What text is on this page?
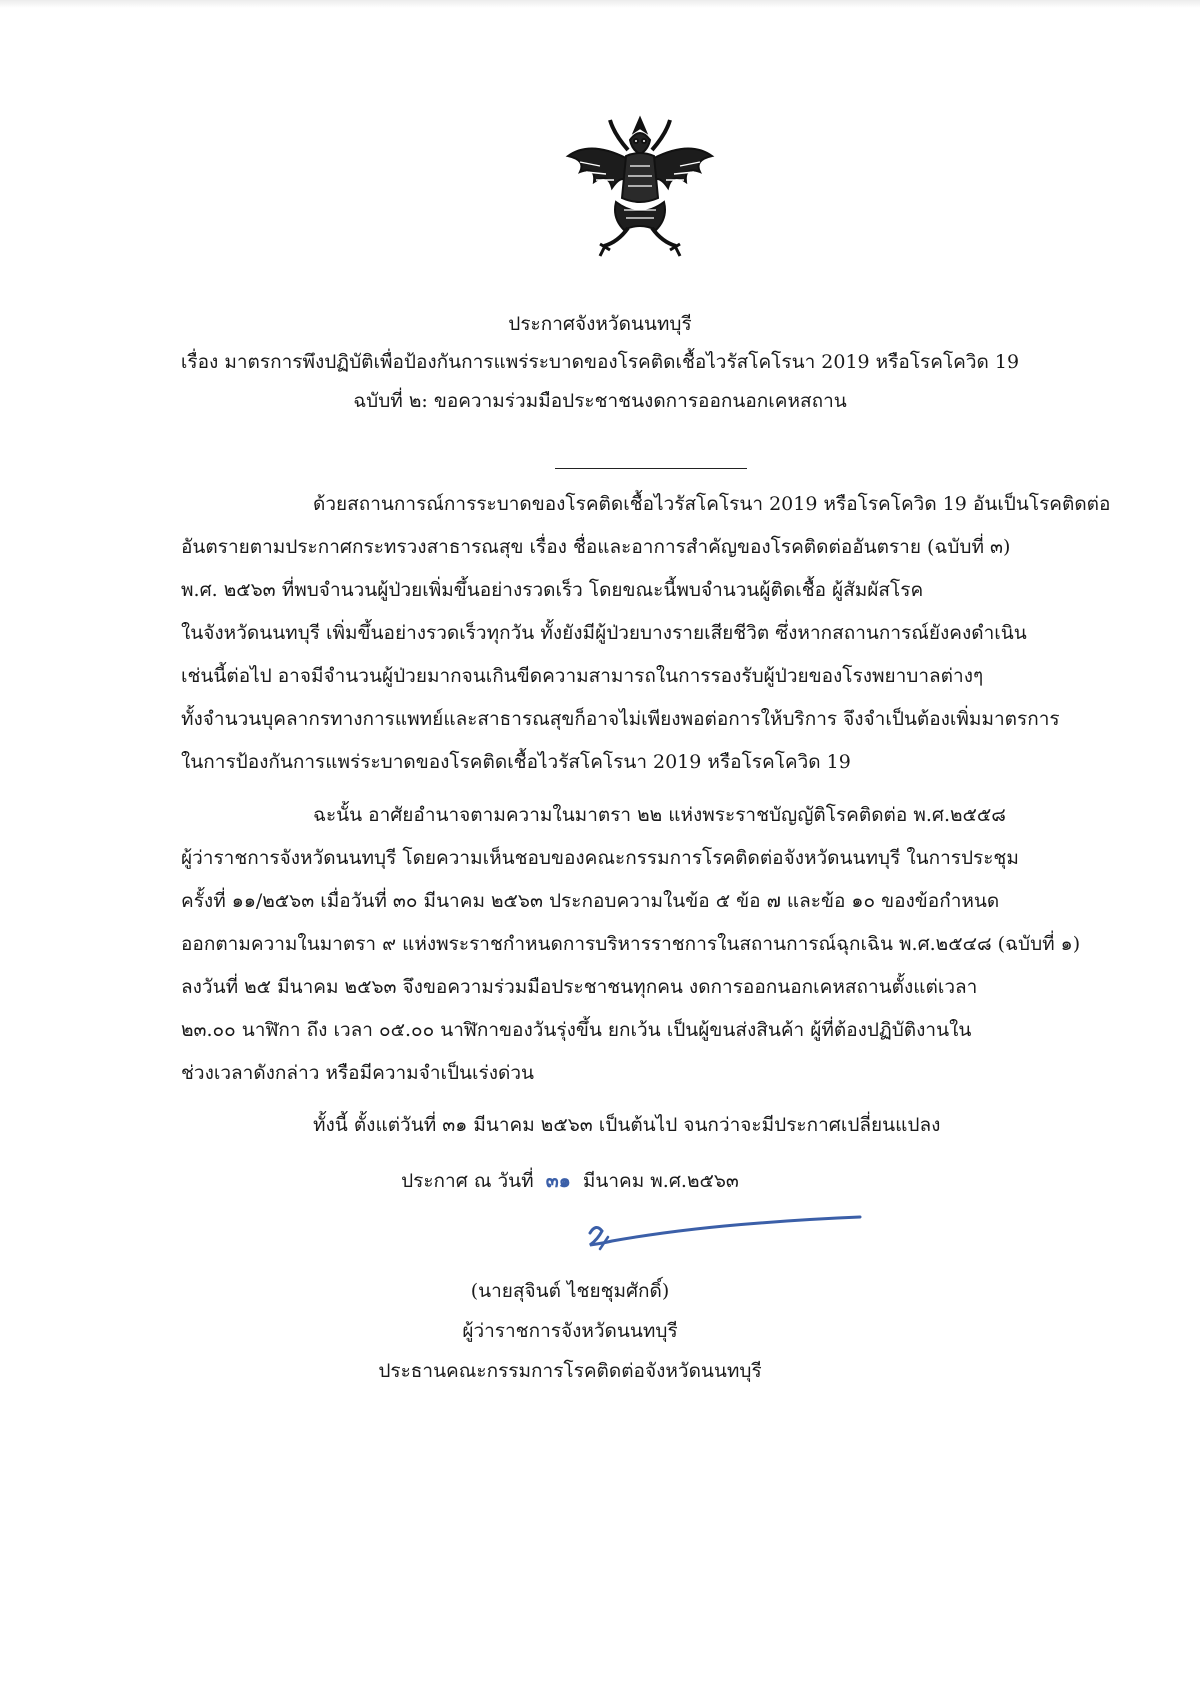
ประกาศจังหวัดนนทบุรี
เรื่อง มาตรการพึงปฏิบัติเพื่อป้องกันการแพร่ระบาดของโรคติดเชื้อไวรัสโคโรนา 2019 หรือโรคโควิด 19
ฉบับที่ ๒: ขอความร่วมมือประชาชนงดการออกนอกเคหสถาน
ด้วยสถานการณ์การระบาดของโรคติดเชื้อไวรัสโคโรนา 2019 หรือโรคโควิด 19 อันเป็นโรคติดต่อ
อันตรายตามประกาศกระทรวงสาธารณสุข เรื่อง ชื่อและอาการสำคัญของโรคติดต่ออันตราย (ฉบับที่ ๓)
พ.ศ. ๒๕๖๓ ที่พบจำนวนผู้ป่วยเพิ่มขึ้นอย่างรวดเร็ว โดยขณะนี้พบจำนวนผู้ติดเชื้อ ผู้สัมผัสโรค
ในจังหวัดนนทบุรี เพิ่มขึ้นอย่างรวดเร็วทุกวัน ทั้งยังมีผู้ป่วยบางรายเสียชีวิต ซึ่งหากสถานการณ์ยังคงดำเนิน
เช่นนี้ต่อไป อาจมีจำนวนผู้ป่วยมากจนเกินขีดความสามารถในการรองรับผู้ป่วยของโรงพยาบาลต่างๆ
ทั้งจำนวนบุคลากรทางการแพทย์และสาธารณสุขก็อาจไม่เพียงพอต่อการให้บริการ จึงจำเป็นต้องเพิ่มมาตรการ
ในการป้องกันการแพร่ระบาดของโรคติดเชื้อไวรัสโคโรนา 2019 หรือโรคโควิด 19
ฉะนั้น อาศัยอำนาจตามความในมาตรา ๒๒ แห่งพระราชบัญญัติโรคติดต่อ พ.ศ.๒๕๕๘
ผู้ว่าราชการจังหวัดนนทบุรี โดยความเห็นชอบของคณะกรรมการโรคติดต่อจังหวัดนนทบุรี ในการประชุม
ครั้งที่ ๑๑/๒๕๖๓ เมื่อวันที่ ๓๐ มีนาคม ๒๕๖๓ ประกอบความในข้อ ๕ ข้อ ๗ และข้อ ๑๐ ของข้อกำหนด
ออกตามความในมาตรา ๙ แห่งพระราชกำหนดการบริหารราชการในสถานการณ์ฉุกเฉิน พ.ศ.๒๕๔๘ (ฉบับที่ ๑)
ลงวันที่ ๒๕ มีนาคม ๒๕๖๓ จึงขอความร่วมมือประชาชนทุกคน งดการออกนอกเคหสถานตั้งแต่เวลา
๒๓.๐๐ นาฬิกา ถึง เวลา ๐๕.๐๐ นาฬิกาของวันรุ่งขึ้น ยกเว้น เป็นผู้ขนส่งสินค้า ผู้ที่ต้องปฏิบัติงานใน
ช่วงเวลาดังกล่าว หรือมีความจำเป็นเร่งด่วน
ทั้งนี้ ตั้งแต่วันที่ ๓๑ มีนาคม ๒๕๖๓ เป็นต้นไป จนกว่าจะมีประกาศเปลี่ยนแปลง
ประกาศ ณ วันที่ ๓๑ มีนาคม พ.ศ.๒๕๖๓
(นายสุจินต์ ไชยชุมศักดิ์)
ผู้ว่าราชการจังหวัดนนทบุรี
ประธานคณะกรรมการโรคติดต่อจังหวัดนนทบุรี
